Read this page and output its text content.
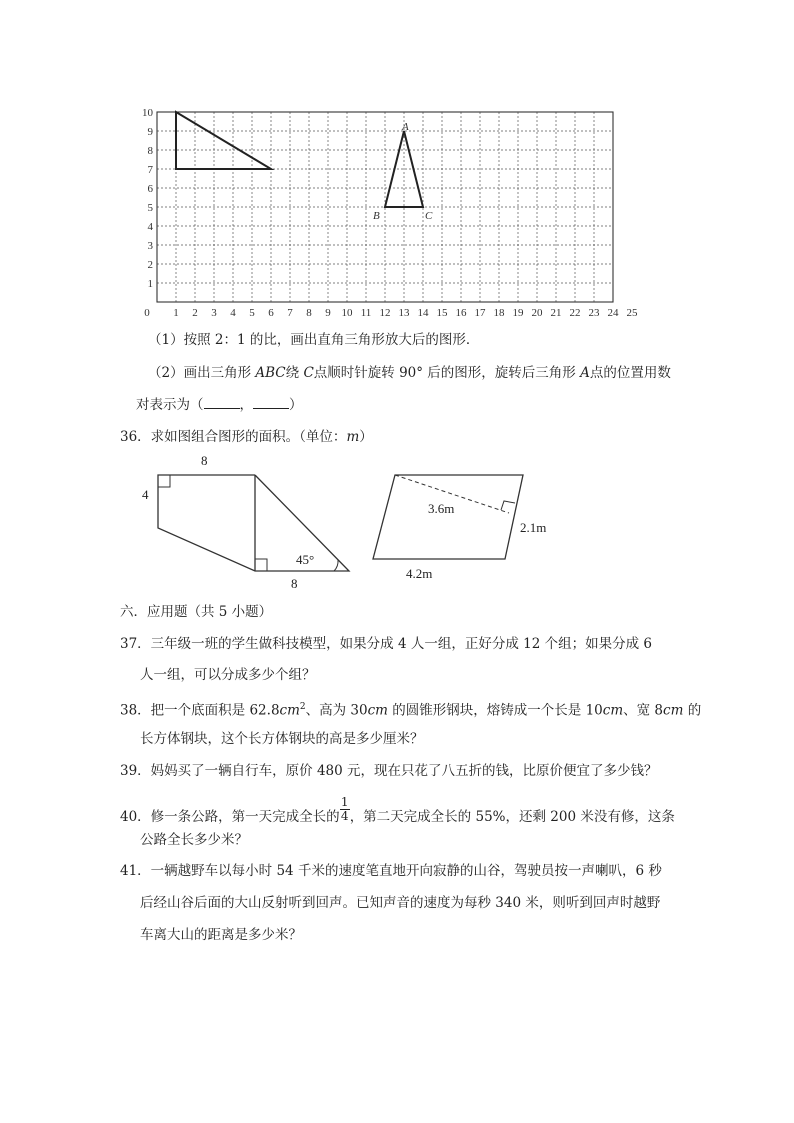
0 1 2 3 4 5 6 7 8 9 10 11 12 13 14 15 16 17 18 19 20 21 22 23 24 25
1
2
3
4
5
6
7
8
9
10
A
B	C
（1）按照 2：1 的比，画出直角三角形放大后的图形．
（2）画出三角形 ABC绕 C点顺时针旋转 90° 后的图形，旋转后三角形 A点的位置用数
对表示为（	，	）
36．求如图组合图形的面积。（单位：m）
8
4
8
45°
3.6m
2.1m
4.2m
六．应用题（共 5 小题）
37．三年级一班的学生做科技模型，如果分成 4 人一组，正好分成 12 个组；如果分成 6
人一组，可以分成多少个组？
38．把一个底面积是 $62.8cm^2$、高为 30cm 的圆锥形钢块，熔铸成一个长是 10cm、宽 8cm 的
长方体钢块，这个长方体钢块的高是多少厘米？
39．妈妈买了一辆自行车，原价 480 元，现在只花了八五折的钱，比原价便宜了多少钱？
40．修一条公路，第一天完成全长的 $\frac{1}{4}$ ，第二天完成全长的 55%，还剩 200 米没有修，这条
公路全长多少米？
41．一辆越野车以每小时 54 千米的速度笔直地开向寂静的山谷，驾驶员按一声喇叭，6 秒
后经山谷后面的大山反射听到回声。已知声音的速度为每秒 340 米，则听到回声时越野
车离大山的距离是多少米？
